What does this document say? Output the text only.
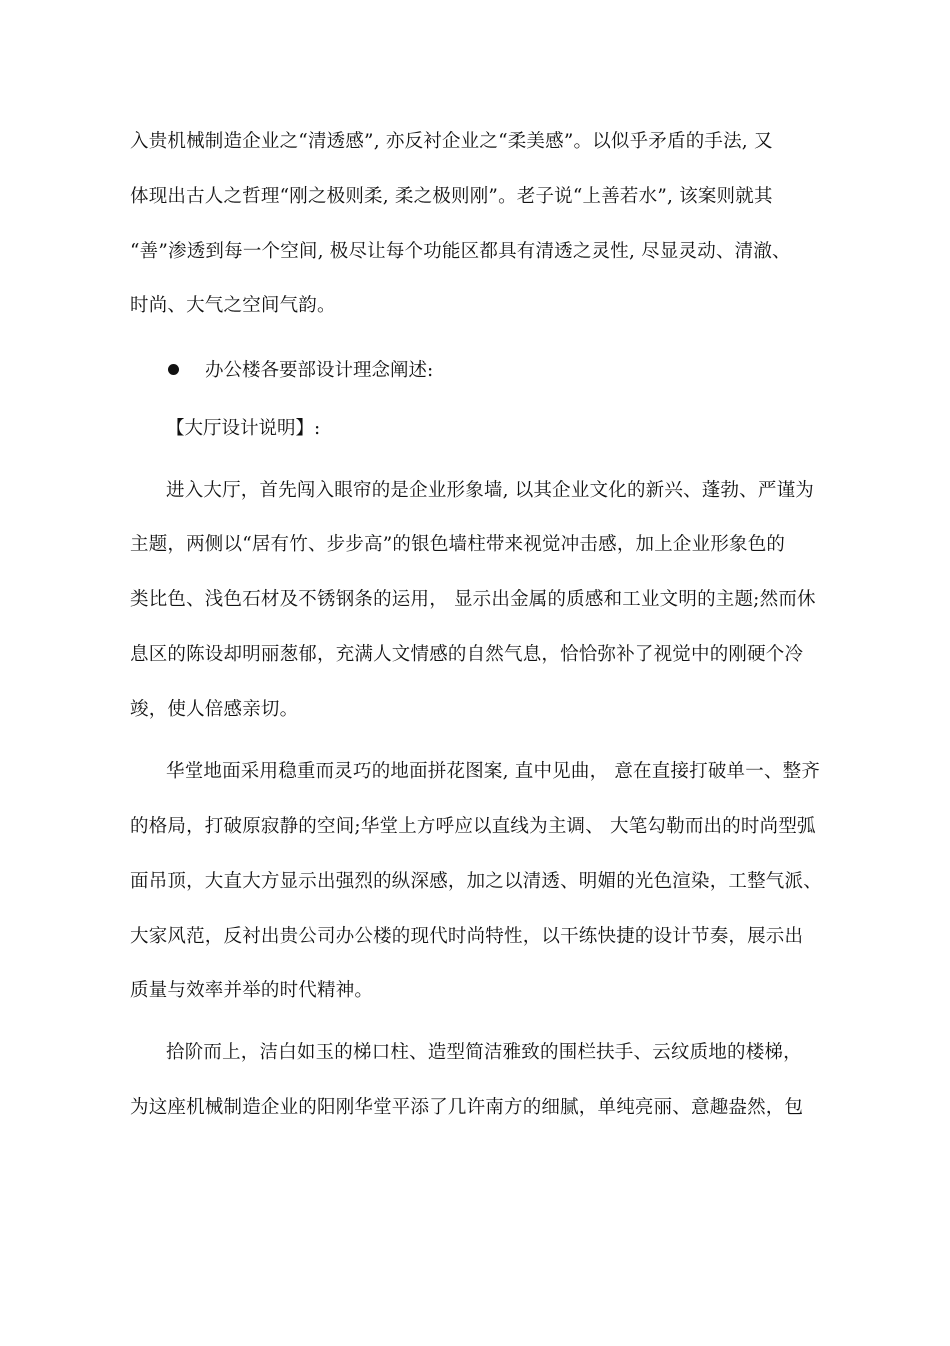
入贵机械制造企业之“清透感”, 亦反衬企业之“柔美感”。以似乎矛盾的手法, 又
体现出古人之哲理“刚之极则柔, 柔之极则刚”。老子说“上善若水”, 该案则就其
“善”渗透到每一个空间, 极尽让每个功能区都具有清透之灵性, 尽显灵动、清澈、
时尚、大气之空间气韵。
办公楼各要部设计理念阐述:
【大厅设计说明】:
进入大厅，首先闯入眼帘的是企业形象墙, 以其企业文化的新兴、蓬勃、严谨为
主题，两侧以“居有竹、步步高”的银色墙柱带来视觉冲击感，加上企业形象色的
类比色、浅色石材及不锈钢条的运用， 显示出金属的质感和工业文明的主题;然而休
息区的陈设却明丽葱郁，充满人文情感的自然气息，恰恰弥补了视觉中的刚硬个冷
竣，使人倍感亲切。
华堂地面采用稳重而灵巧的地面拼花图案, 直中见曲， 意在直接打破单一、整齐
的格局，打破原寂静的空间;华堂上方呼应以直线为主调、 大笔勾勒而出的时尚型弧
面吊顶，大直大方显示出强烈的纵深感，加之以清透、明媚的光色渲染，工整气派、
大家风范，反衬出贵公司办公楼的现代时尚特性，以干练快捷的设计节奏，展示出
质量与效率并举的时代精神。
拾阶而上，洁白如玉的梯口柱、造型简洁雅致的围栏扶手、云纹质地的楼梯，
为这座机械制造企业的阳刚华堂平添了几许南方的细腻，单纯亮丽、意趣盎然，包
